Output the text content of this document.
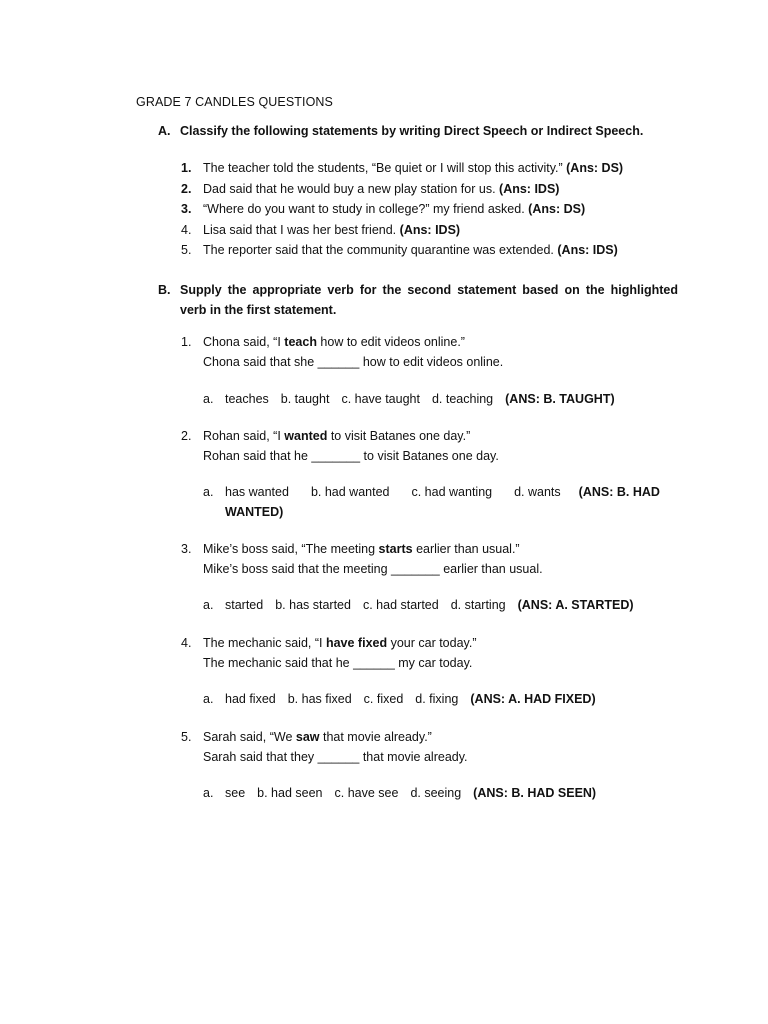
GRADE 7 CANDLES QUESTIONS
A. Classify the following statements by writing Direct Speech or Indirect Speech.
1. The teacher told the students, “Be quiet or I will stop this activity.” (Ans: DS)
2. Dad said that he would buy a new play station for us. (Ans: IDS)
3. “Where do you want to study in college?” my friend asked. (Ans: DS)
4. Lisa said that I was her best friend. (Ans: IDS)
5. The reporter said that the community quarantine was extended. (Ans: IDS)
B. Supply the appropriate verb for the second statement based on the highlighted verb in the first statement.
1. Chona said, “I teach how to edit videos online.”
Chona said that she ______ how to edit videos online.
a. teaches b. taught c. have taught d. teaching (ANS: B. TAUGHT)
2. Rohan said, “I wanted to visit Batanes one day.”
Rohan said that he _______ to visit Batanes one day.
a. has wanted b. had wanted c. had wanting d. wants (ANS: B. HAD
WANTED)
3. Mike’s boss said, “The meeting starts earlier than usual.”
Mike’s boss said that the meeting _______ earlier than usual.
a. started b. has started c. had started d. starting (ANS: A. STARTED)
4. The mechanic said, “I have fixed your car today.”
The mechanic said that he ______ my car today.
a. had fixed b. has fixed c. fixed d. fixing (ANS: A. HAD FIXED)
5. Sarah said, “We saw that movie already.”
Sarah said that they ______ that movie already.
a. see b. had seen c. have see d. seeing (ANS: B. HAD SEEN)
